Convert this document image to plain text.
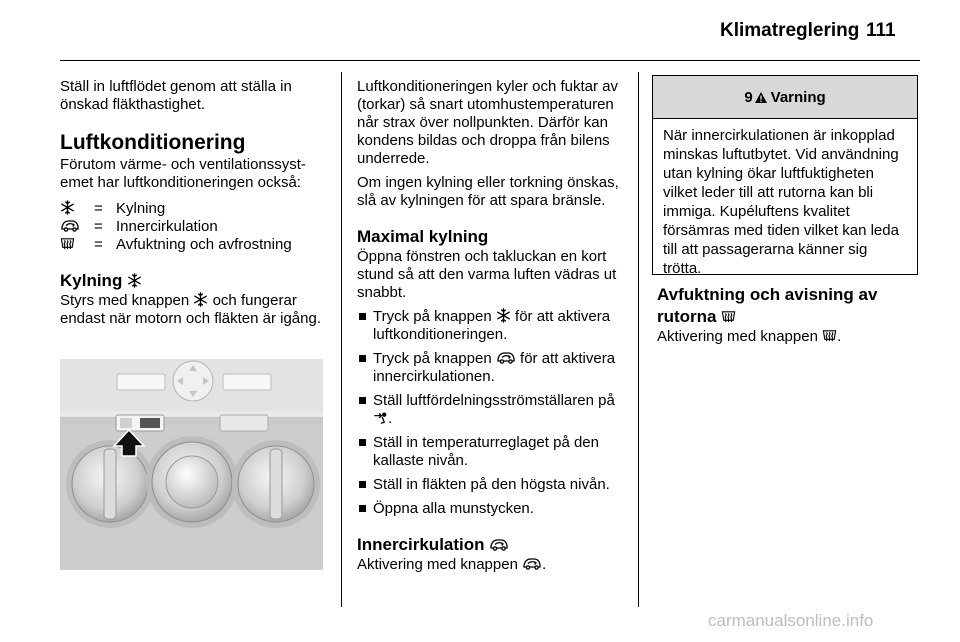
Klimatreglering 111

Ställ in luftflödet genom att ställa in önskad fläkthastighet.

Luftkonditionering

Förutom värme- och ventilationssystemet har luftkonditioneringen också:

= Kylning
= Innercirkulation
= Avfuktning och avfrostning

Kylning

Styrs med knappen och fungerar endast när motorn och fläkten är igång.

Luftkonditioneringen kyler och fuktar av (torkar) så snart utomhustemperaturen når strax över nollpunkten. Därför kan kondens bildas och droppa från bilens underrede.

Om ingen kylning eller torkning önskas, slå av kylningen för att spara bränsle.

Maximal kylning

Öppna fönstren och takluckan en kort stund så att den varma luften vädras ut snabbt.

Tryck på knappen för att aktivera luftkonditioneringen.
Tryck på knappen för att aktivera innercirkulationen.
Ställ luftfördelningsströmställaren på
.
Ställ in temperaturreglaget på den kallaste nivån.
Ställ in fläkten på den högsta nivån.
Öppna alla munstycken.

Innercirkulation

Aktivering med knappen .

9 Varning
När innercirkulationen är inkopplad minskas luftutbytet. Vid användning utan kylning ökar luftfuktigheten vilket leder till att rutorna kan bli immiga. Kupéluftens kvalitet försämras med tiden vilket kan leda till att passagerarna känner sig trötta.

Avfuktning och avisning av rutorna

Aktivering med knappen .

carmanualsonline.info
